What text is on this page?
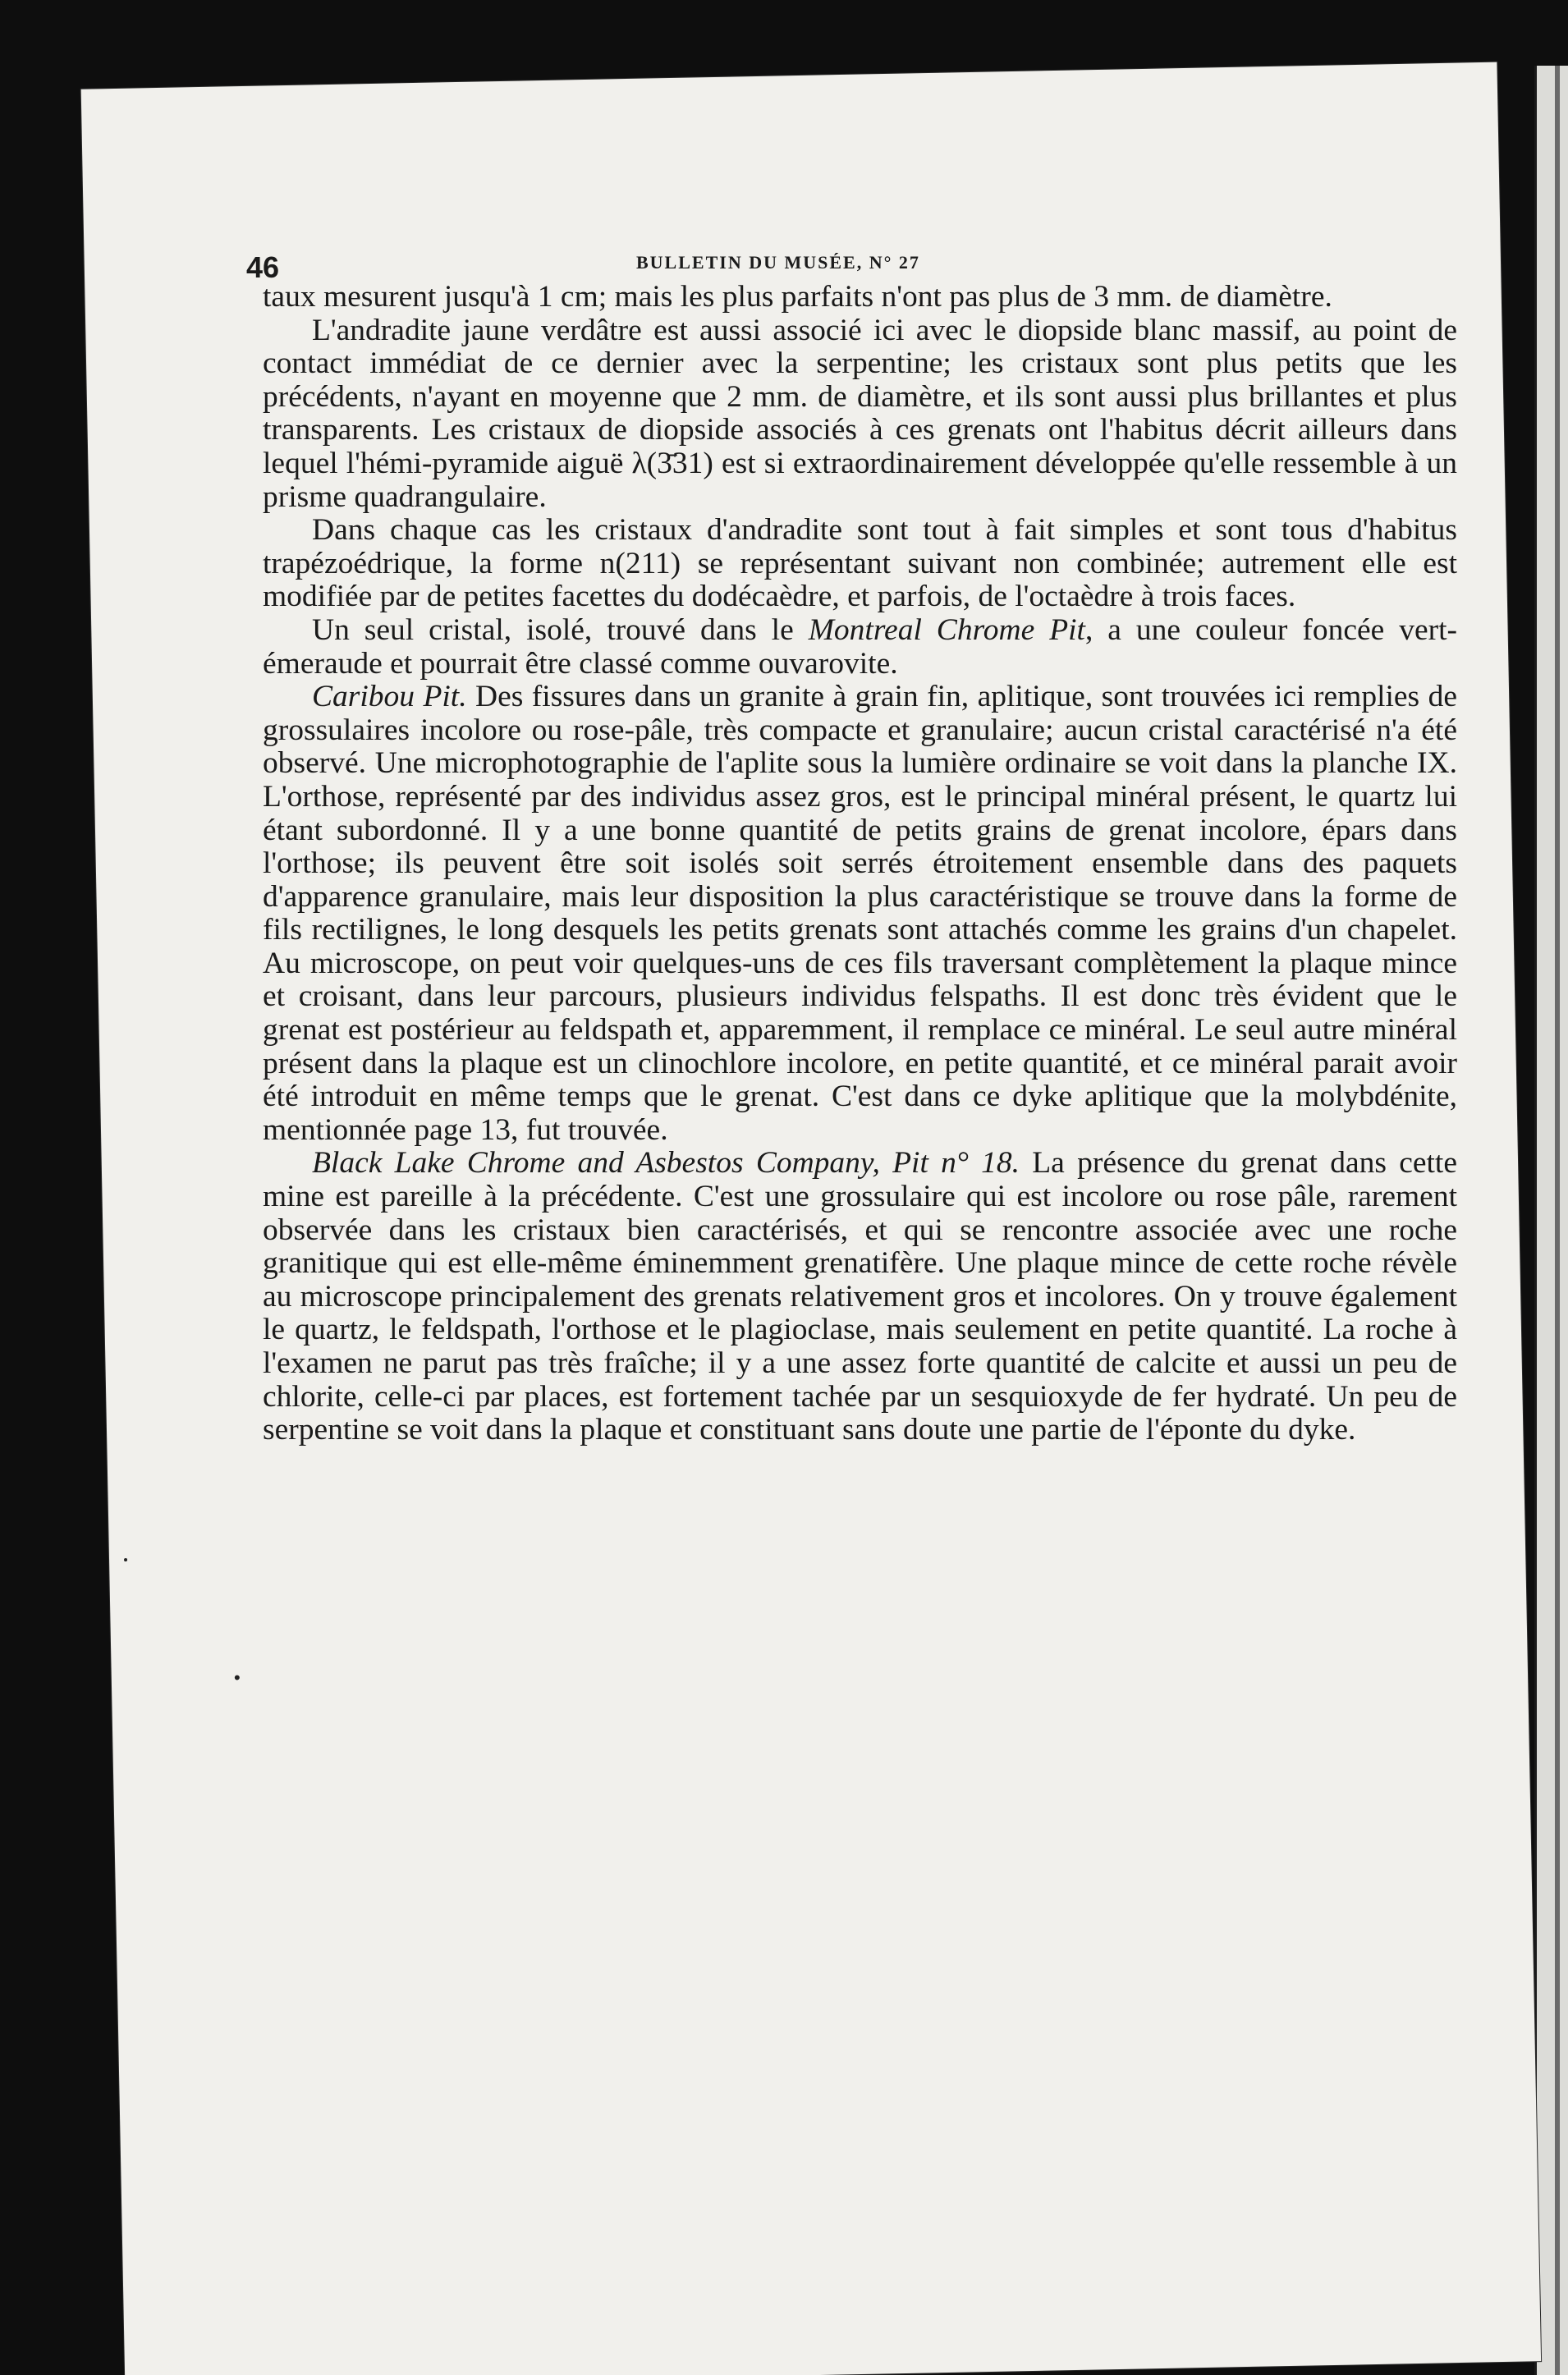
46	BULLETIN DU MUSÉE, N° 27

taux mesurent jusqu'à 1 cm; mais les plus parfaits n'ont pas plus de 3 mm. de diamètre.

L'andradite jaune verdâtre est aussi associé ici avec le diopside blanc massif, au point de contact immédiat de ce dernier avec la serpentine; les cristaux sont plus petits que les précédents, n'ayant en moyenne que 2 mm. de diamètre, et ils sont aussi plus brillantes et plus transparents. Les cristaux de diopside associés à ces grenats ont l'habitus décrit ailleurs dans lequel l'hémi-pyramide aiguë λ(3̄31) est si extraordinairement développée qu'elle ressemble à un prisme quadrangulaire.

Dans chaque cas les cristaux d'andradite sont tout à fait simples et sont tous d'habitus trapézoédrique, la forme n(211) se représentant suivant non combinée; autrement elle est modifiée par de petites facettes du dodécaèdre, et parfois, de l'octaèdre à trois faces.

Un seul cristal, isolé, trouvé dans le Montreal Chrome Pit, a une couleur foncée vert-émeraude et pourrait être classé comme ouvarovite.

Caribou Pit. Des fissures dans un granite à grain fin, aplitique, sont trouvées ici remplies de grossulaires incolore ou rose-pâle, très compacte et granulaire; aucun cristal caractérisé n'a été observé. Une microphotographie de l'aplite sous la lumière ordinaire se voit dans la planche IX. L'orthose, représenté par des individus assez gros, est le principal minéral présent, le quartz lui étant subordonné. Il y a une bonne quantité de petits grains de grenat incolore, épars dans l'orthose; ils peuvent être soit isolés soit serrés étroitement ensemble dans des paquets d'apparence granulaire, mais leur disposition la plus caractéristique se trouve dans la forme de fils rectilignes, le long desquels les petits grenats sont attachés comme les grains d'un chapelet. Au microscope, on peut voir quelques-uns de ces fils traversant complètement la plaque mince et croisant, dans leur parcours, plusieurs individus felspaths. Il est donc très évident que le grenat est postérieur au feldspath et, apparemment, il remplace ce minéral. Le seul autre minéral présent dans la plaque est un clinochlore incolore, en petite quantité, et ce minéral parait avoir été introduit en même temps que le grenat. C'est dans ce dyke aplitique que la molybdénite, mentionnée page 13, fut trouvée.

Black Lake Chrome and Asbestos Company, Pit n° 18. La présence du grenat dans cette mine est pareille à la précédente. C'est une grossulaire qui est incolore ou rose pâle, rarement observée dans les cristaux bien caractérisés, et qui se rencontre associée avec une roche granitique qui est elle-même éminemment grenatifère. Une plaque mince de cette roche révèle au microscope principalement des grenats relativement gros et incolores. On y trouve également le quartz, le feldspath, l'orthose et le plagioclase, mais seulement en petite quantité. La roche à l'examen ne parut pas très fraîche; il y a une assez forte quantité de calcite et aussi un peu de chlorite, celle-ci par places, est fortement tachée par un sesquioxyde de fer hydraté. Un peu de serpentine se voit dans la plaque et constituant sans doute une partie de l'éponte du dyke.
